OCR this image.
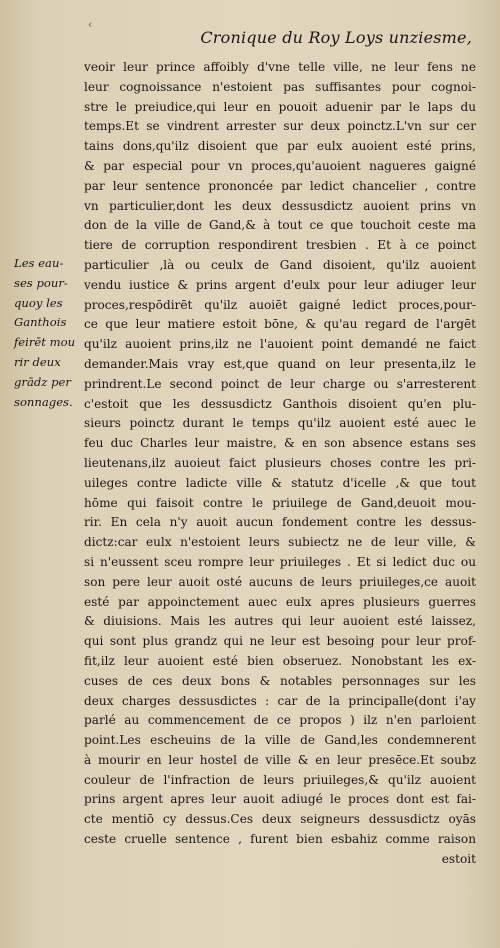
‹
Cronique du Roy Loys unziesme,
Les eau-
ses pour-
quoy les
Ganthois
feirēt mou
rir deux
grādz per
sonnages.
veoir leur prince affoibly d'vne telle ville, ne leur fens ne
leur cognoissance n'estoient pas suffisantes pour cognoi-
stre le preiudice,qui leur en pouoit aduenir par le laps du
temps.Et se vindrent arrester sur deux poinctz.L'vn sur cer
tains dons,qu'ilz disoient que par eulx auoient esté prins,
& par especial pour vn proces,qu'auoient nagueres gaigné
par leur sentence prononcée par ledict chancelier , contre
vn particulier,dont les deux dessusdictz auoient prins vn
don de la ville de Gand,& à tout ce que touchoit ceste ma
tiere de corruption respondirent tresbien . Et à ce poinct
particulier ,là ou ceulx de Gand disoient, qu'ilz auoient
vendu iustice & prins argent d'eulx pour leur adiuger leur
proces,respōdirēt qu'ilz auoiēt gaigné ledict proces,pour-
ce que leur matiere estoit bōne, & qu'au regard de l'argēt
qu'ilz auoient prins,ilz ne l'auoient point demandé ne faict
demander.Mais vray est,que quand on leur presenta,ilz le
prindrent.Le second poinct de leur charge ou s'arresterent
c'estoit que les dessusdictz Ganthois disoient qu'en plu-
sieurs poinctz durant le temps qu'ilz auoient esté auec le
feu duc Charles leur maistre, & en son absence estans ses
lieutenans,ilz auoieut faict plusieurs choses contre les pri-
uileges contre ladicte ville & statutz d'icelle ,& que tout
hōme qui faisoit contre le priuilege de Gand,deuoit mou-
rir. En cela n'y auoit aucun fondement contre les dessus-
dictz:car eulx n'estoient leurs subiectz ne de leur ville, &
si n'eussent sceu rompre leur priuileges . Et si ledict duc ou
son pere leur auoit osté aucuns de leurs priuileges,ce auoit
esté par appoinctement auec eulx apres plusieurs guerres
& diuisions. Mais les autres qui leur auoient esté laissez,
qui sont plus grandz qui ne leur est besoing pour leur prof-
fit,ilz leur auoient esté bien obseruez. Nonobstant les ex-
cuses de ces deux bons & notables personnages sur les
deux charges dessusdictes : car de la principalle(dont i'ay
parlé au commencement de ce propos ) ilz n'en parloient
point.Les escheuins de la ville de Gand,les condemnerent
à mourir en leur hostel de ville & en leur presēce.Et soubz
couleur de l'infraction de leurs priuileges,& qu'ilz auoient
prins argent apres leur auoit adiugé le proces dont est fai-
cte mentiō cy dessus.Ces deux seigneurs dessusdictz oyās
ceste cruelle sentence , furent bien esbahiz comme raison
estoit
